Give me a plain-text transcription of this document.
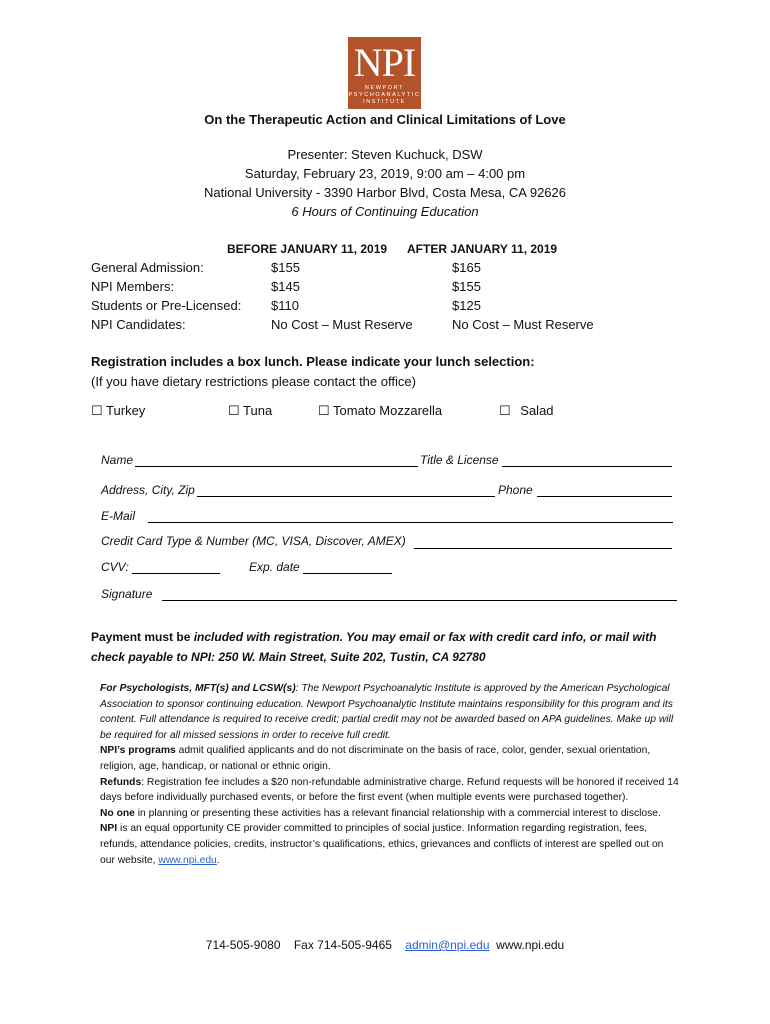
NPI
NEWPORT
PSYCHOANALYTIC
INSTITUTE
On the Therapeutic Action and Clinical Limitations of Love
Presenter: Steven Kuchuck, DSW
Saturday, February 23, 2019, 9:00 am – 4:00 pm
National University - 3390 Harbor Blvd, Costa Mesa, CA 92626
6 Hours of Continuing Education
BEFORE JANUARY 11, 2019 AFTER JANUARY 11, 2019
General Admission:	$155	$165
NPI Members:	$145	$155
Students or Pre-Licensed: $110	$125
NPI Candidates:	No Cost – Must Reserve	No Cost – Must Reserve
Registration includes a box lunch. Please indicate your lunch selection:
(If you have dietary restrictions please contact the office)
☐ Turkey	☐ Tuna	☐ Tomato Mozzarella	☐ Salad
Name	Title & License
Address, City, Zip	Phone
E-Mail
Credit Card Type & Number (MC, VISA, Discover, AMEX)
CVV:	Exp. date
Signature
Payment must be included with registration. You may email or fax with credit card info, or mail with
check payable to NPI: 250 W. Main Street, Suite 202, Tustin, CA 92780
For Psychologists, MFT(s) and LCSW(s): The Newport Psychoanalytic Institute is approved by the American Psychological Association to sponsor continuing education. Newport Psychoanalytic Institute maintains responsibility for this program and its content. Full attendance is required to receive credit; partial credit may not be awarded based on APA guidelines. Make up will be required for all missed sessions in order to receive full credit.
NPI’s programs admit qualified applicants and do not discriminate on the basis of race, color, gender, sexual orientation, religion, age, handicap, or national or ethnic origin.
Refunds: Registration fee includes a $20 non-refundable administrative charge. Refund requests will be honored if received 14 days before individually purchased events, or before the first event (when multiple events were purchased together).
No one in planning or presenting these activities has a relevant financial relationship with a commercial interest to disclose.
NPI is an equal opportunity CE provider committed to principles of social justice. Information regarding registration, fees, refunds, attendance policies, credits, instructor’s qualifications, ethics, grievances and conflicts of interest are spelled out on our website, www.npi.edu.
714-505-9080 Fax 714-505-9465 admin@npi.edu www.npi.edu
